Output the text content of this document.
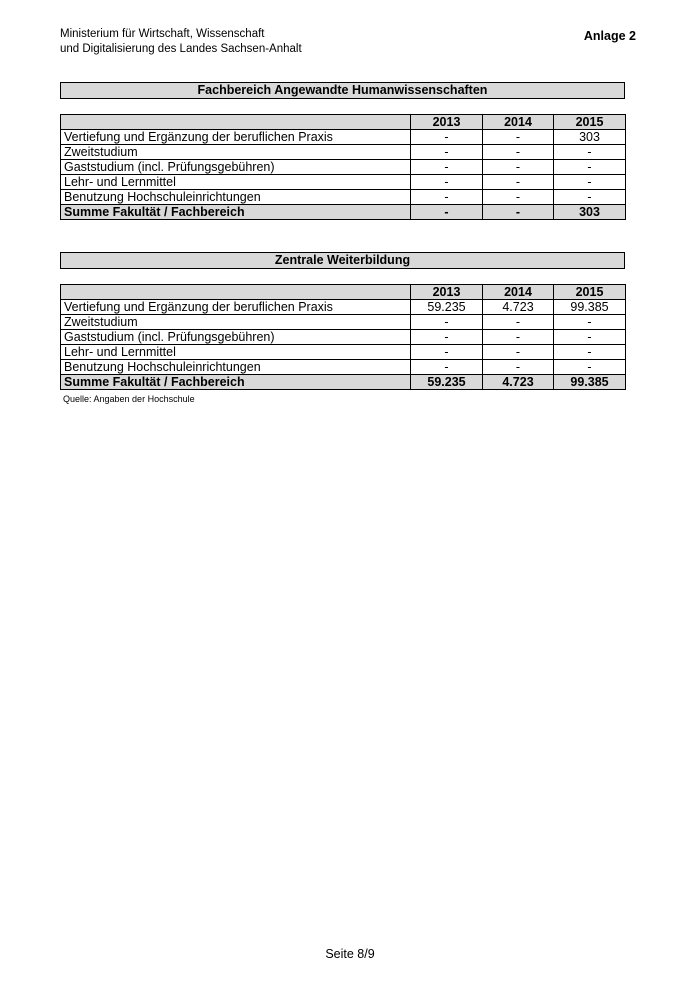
Ministerium für Wirtschaft, Wissenschaft
und Digitalisierung des Landes Sachsen-Anhalt
Anlage 2
Fachbereich Angewandte Humanwissenschaften
	2013	2014	2015
Vertiefung und Ergänzung der beruflichen Praxis	-	-	303
Zweitstudium	-	-	-
Gaststudium (incl. Prüfungsgebühren)	-	-	-
Lehr- und Lernmittel	-	-	-
Benutzung Hochschuleinrichtungen	-	-	-
Summe Fakultät / Fachbereich	-	-	303
Zentrale Weiterbildung
	2013	2014	2015
Vertiefung und Ergänzung der beruflichen Praxis	59.235	4.723	99.385
Zweitstudium	-	-	-
Gaststudium (incl. Prüfungsgebühren)	-	-	-
Lehr- und Lernmittel	-	-	-
Benutzung Hochschuleinrichtungen	-	-	-
Summe Fakultät / Fachbereich	59.235	4.723	99.385
Quelle: Angaben der Hochschule
Seite 8/9
